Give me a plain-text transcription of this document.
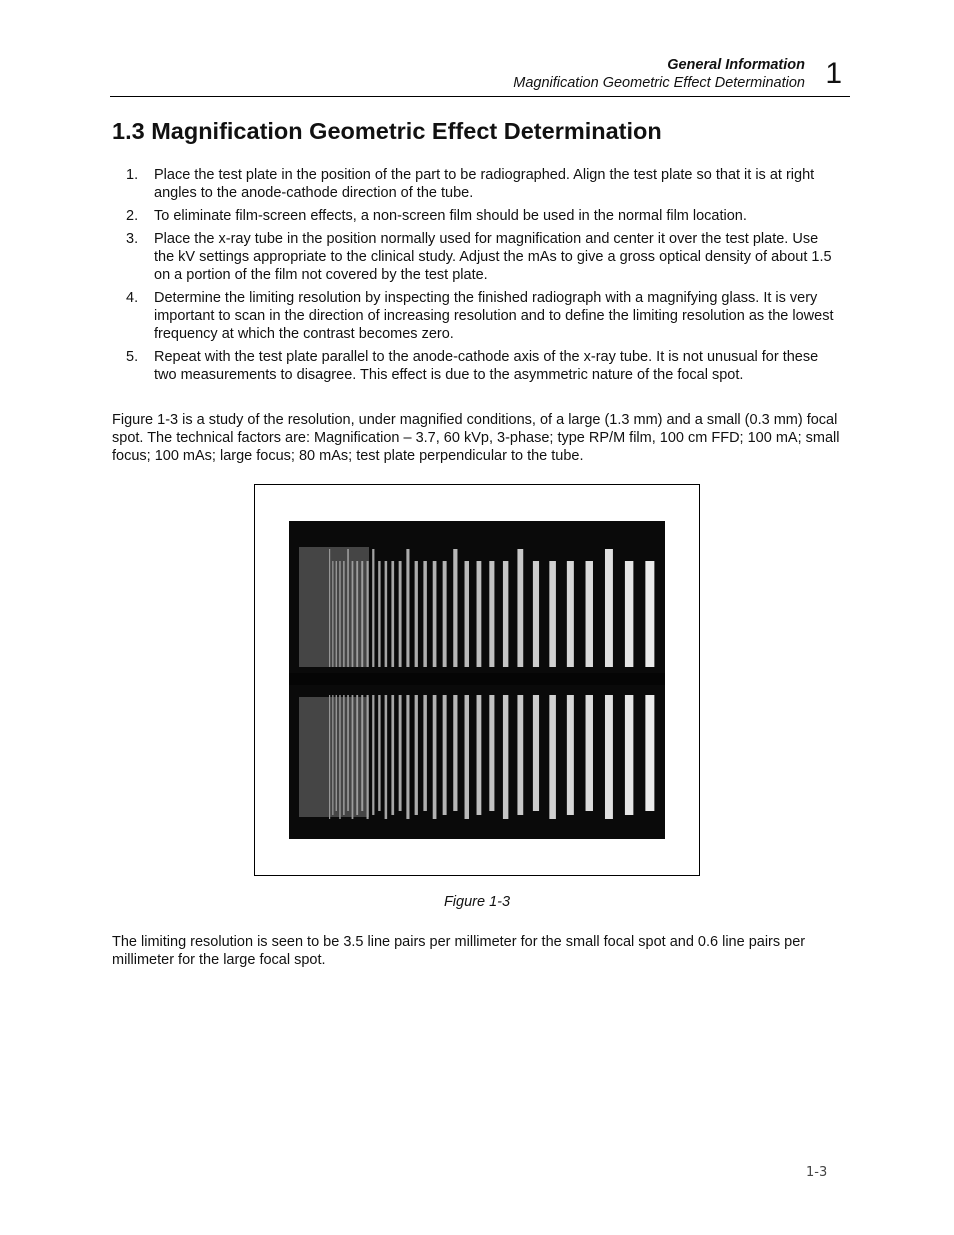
General Information
Magnification Geometric Effect Determination 1
1.3 Magnification Geometric Effect Determination
1. Place the test plate in the position of the part to be radiographed. Align the test plate so that it is at right angles to the anode-cathode direction of the tube.
2. To eliminate film-screen effects, a non-screen film should be used in the normal film location.
3. Place the x-ray tube in the position normally used for magnification and center it over the test plate. Use the kV settings appropriate to the clinical study. Adjust the mAs to give a gross optical density of about 1.5 on a portion of the film not covered by the test plate.
4. Determine the limiting resolution by inspecting the finished radiograph with a magnifying glass. It is very important to scan in the direction of increasing resolution and to define the limiting resolution as the lowest frequency at which the contrast becomes zero.
5. Repeat with the test plate parallel to the anode-cathode axis of the x-ray tube. It is not unusual for these two measurements to disagree. This effect is due to the asymmetric nature of the focal spot.

Figure 1-3 is a study of the resolution, under magnified conditions, of a large (1.3 mm) and a small (0.3 mm) focal spot. The technical factors are: Magnification – 3.7, 60 kVp, 3-phase; type RP/M film, 100 cm FFD; 100 mA; small focus; 100 mAs; large focus; 80 mAs; test plate perpendicular to the tube.

Figure 1-3

The limiting resolution is seen to be 3.5 line pairs per millimeter for the small focal spot and 0.6 line pairs per millimeter for the large focal spot.

1-3
